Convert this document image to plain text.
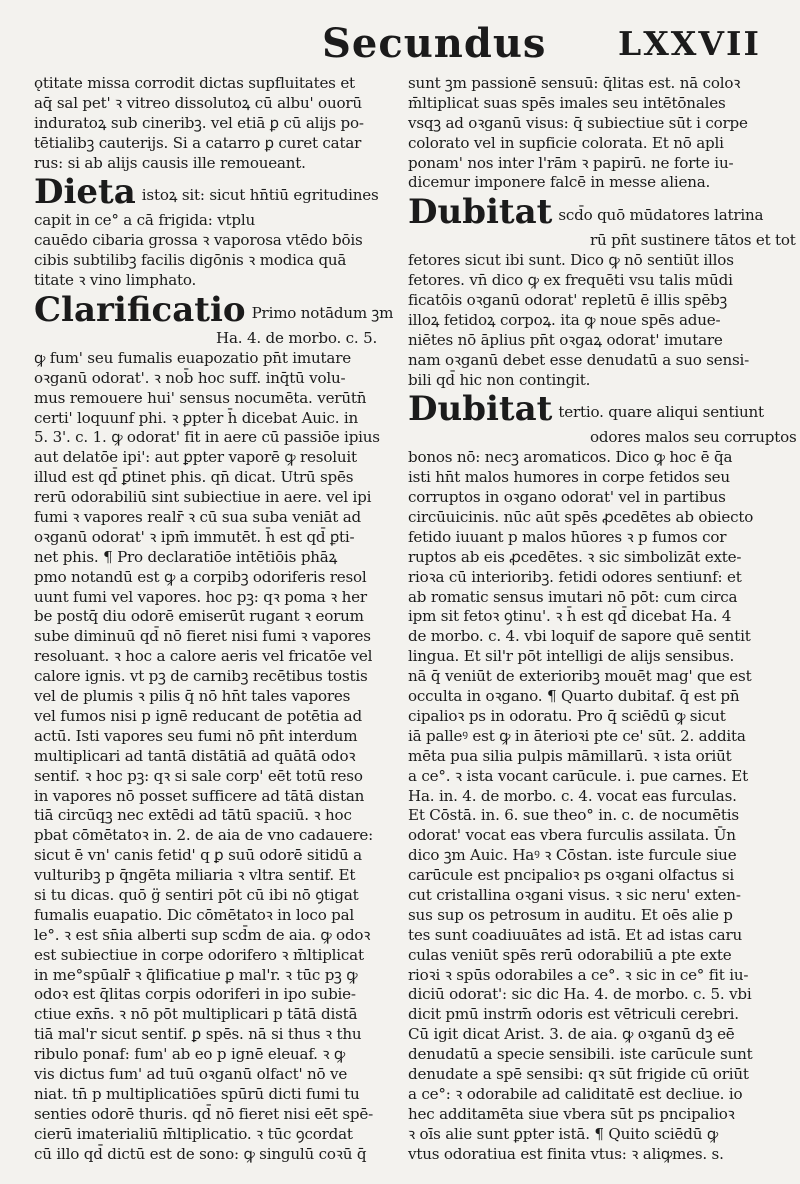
Secundus LXXVII
ǫtitate missa corrodit dictas supfluitates et
aq̄ sal pet' ꝛ vitreo dissolutoꝝ cū albu' ouorū
induratoꝝ sub cineribꝫ. vel etiā ꝑ cū alijs po-
tētialibꝫ cauterijs. Si a catarro ꝑ curet catar
rus: si ab alijs causis ille remoueant.
Dieta istoꝝ sit: sicut hn̄tiū egritudines
capit in ce° a cā frigida: vtplu
cauēdo cibaria grossa ꝛ vaporosa vtēdo bōis
cibis subtilibꝫ facilis digōnis ꝛ modica quā
titate ꝛ vino limphato.
Clarificatio Primo notādum ꝫm
Ha. 4. de morbo. c. 5.
ꝙ fum' seu fumalis euapozatio pn̄t imutare
oꝛganū odorat'. ꝛ nob̄ hoc suff. inq̄tū volu-
mus remouere hui' sensus nocumēta. verūtn̄
certi' loquunf phi. ꝛ ꝑpter h̄ dicebat Auic. in
5. 3'. c. 1. ꝙ odorat' fit in aere cū passiōe ipius
aut delatōe ipi': aut ꝑpter vaporē ꝙ resoluit
illud est qd̄ ꝑtinet phis. qn̄ dicat. Utrū spēs
rerū odorabiliū sint subiectiue in aere. vel ipi
fumi ꝛ vapores realr̄ ꝛ cū sua suba veniāt ad
oꝛganū odorat' ꝛ ipm̄ immutēt. h̄ est qd̄ ꝑti-
net phis. ¶ Pro declaratiōe intētiōis phāꝝ
pmo notandū est ꝙ a corpibꝫ odoriferis resol
uunt fumi vel vapores. hoc pꝫ: qꝛ poma ꝛ her
be postq̄ diu odorē emiserūt rugant ꝛ eorum
sube diminuū qd̄ nō fieret nisi fumi ꝛ vapores
resoluant. ꝛ hoc a calore aeris vel fricatōe vel
calore ignis. vt pꝫ de carnibꝫ recētibus tostis
vel de plumis ꝛ pilis q̄ nō hn̄t tales vapores
vel fumos nisi p ignē reducant de potētia ad
actū. Isti vapores seu fumi nō pn̄t interdum
multiplicari ad tantā distātiā ad quātā odoꝛ
sentif. ꝛ hoc pꝫ: qꝛ si sale corp' eēt totū reso
in vapores nō posset sufficere ad tātā distan
tiā circūqꝫ nec extēdi ad tātū spaciū. ꝛ hoc
pbat cōmētatoꝛ in. 2. de aia de vno cadauere:
sicut ē vn' canis fetid' q ꝑ suū odorē sitidū a
vulturibꝫ p q̄ngēta miliaria ꝛ vltra sentif. Et
si tu dicas. quō g̈ sentiri pōt cū ibi nō ꝯtigat
fumalis euapatio. Dic cōmētatoꝛ in loco pal
le°. ꝛ est sn̄ia alberti sup scd̄m de aia. ꝙ odoꝛ
est subiectiue in corpe odorifero ꝛ m̄ltiplicat
in me°spūalr̄ ꝛ q̄lificatiue ꝑ mal'r. ꝛ tūc pꝫ ꝙ
odoꝛ est q̄litas corpis odoriferi in ipo subie-
ctiue exn̄s. ꝛ nō pōt multiplicari p tātā distā
tiā mal'r sicut sentif. ꝑ spēs. nā si thus ꝛ thu
ribulo ponaf: fum' ab eo p ignē eleuaf. ꝛ ꝙ
vis dictus fum' ad tuū oꝛganū olfact' nō ve
niat. tn̄ p multiplicatiōes spūrū dicti fumi tu
senties odorē thuris. qd̄ nō fieret nisi eēt spē-
cierū imaterialiū m̄ltiplicatio. ꝛ tūc ꝯcordat
cū illo qd̄ dictū est de sono: ꝙ singulū coꝛū q̄
sunt ꝫm passionē sensuū: q̄litas est. nā coloꝛ
m̄ltiplicat suas spēs imales seu intētōnales
vsqꝫ ad oꝛganū visus: q̄ subiectiue sūt i corpe
colorato vel in supficie colorata. Et nō apli
ponam' nos inter l'rām ꝛ papirū. ne forte iu-
dicemur imponere falcē in messe aliena.
Dubitat scd̄o quō mūdatores latrina
rū pn̄t sustinere tātos et tot
fetores sicut ibi sunt. Dico ꝙ nō sentiūt illos
fetores. vn̄ dico ꝙ ex frequēti vsu talis mūdi
ficatōis oꝛganū odorat' repletū ē illis spēbꝫ
illoꝝ fetidoꝝ corpoꝝ. ita ꝙ noue spēs adue-
niētes nō āplius pn̄t oꝛgaꝝ odorat' imutare
nam oꝛganū debet esse denudatū a suo sensi-
bili qd̄ hic non contingit.
Dubitat tertio. quare aliqui sentiunt
odores malos seu corruptos
bonos nō: necꝫ aromaticos. Dico ꝙ hoc ē q̄a
isti hn̄t malos humores in corpe fetidos seu
corruptos in oꝛgano odorat' vel in partibus
circūuicinis. nūc aūt spēs ꝓcedētes ab obiecto
fetido iuuant p malos hūores ꝛ p fumos cor
ruptos ab eis ꝓcedētes. ꝛ sic simbolizāt exte-
rioꝛa cū interioribꝫ. fetidi odores sentiunf: et
ab romatic sensus imutari nō pōt: cum circa
ipm sit fetoꝛ ꝯtinu'. ꝛ h̄ est qd̄ dicebat Ha. 4
de morbo. c. 4. vbi loquif de sapore quē sentit
lingua. Et sil'r pōt intelligi de alijs sensibus.
nā q̄ veniūt de exterioribꝫ mouēt mag' que est
occulta in oꝛgano. ¶ Quarto dubitaf. q̄ est pn̄
cipalioꝛ ps in odoratu. Pro q̄ sciēdū ꝙ sicut
iā palleꝰ est ꝙ in āterioꝛi pte ce' sūt. 2. addita
mēta pua silia pulpis māmillarū. ꝛ ista oriūt
a ce°. ꝛ ista vocant carūcule. i. pue carnes. Et
Ha. in. 4. de morbo. c. 4. vocat eas furculas.
Et Cōstā. in. 6. sue theo° in. c. de nocumētis
odorat' vocat eas vbera furculis assilata. Ūn
dico ꝫm Auic. Haꝰ ꝛ Cōstan. iste furcule siue
carūcule est pncipalioꝛ ps oꝛgani olfactus si
cut cristallina oꝛgani visus. ꝛ sic neru' exten-
sus sup os petrosum in auditu. Et oēs alie p
tes sunt coadiuuātes ad istā. Et ad istas caru
culas veniūt spēs rerū odorabiliū a pte exte
rioꝛi ꝛ spūs odorabiles a ce°. ꝛ sic in ce° fit iu-
diciū odorat': sic dic Ha. 4. de morbo. c. 5. vbi
dicit pmū instrm̄ odoris est vētriculi cerebri.
Cū igit dicat Arist. 3. de aia. ꝙ oꝛganū dꝫ eē
denudatū a specie sensibili. iste carūcule sunt
denudate a spē sensibi: qꝛ sūt frigide cū oriūt
a ce°: ꝛ odorabile ad caliditatē est decliue. io
hec additamēta siue vbera sūt ps pncipalioꝛ
ꝛ oīs alie sunt ꝑpter istā. ¶ Quito sciēdū ꝙ
vtus odoratiua est finita vtus: ꝛ aliꝙmes. s.
